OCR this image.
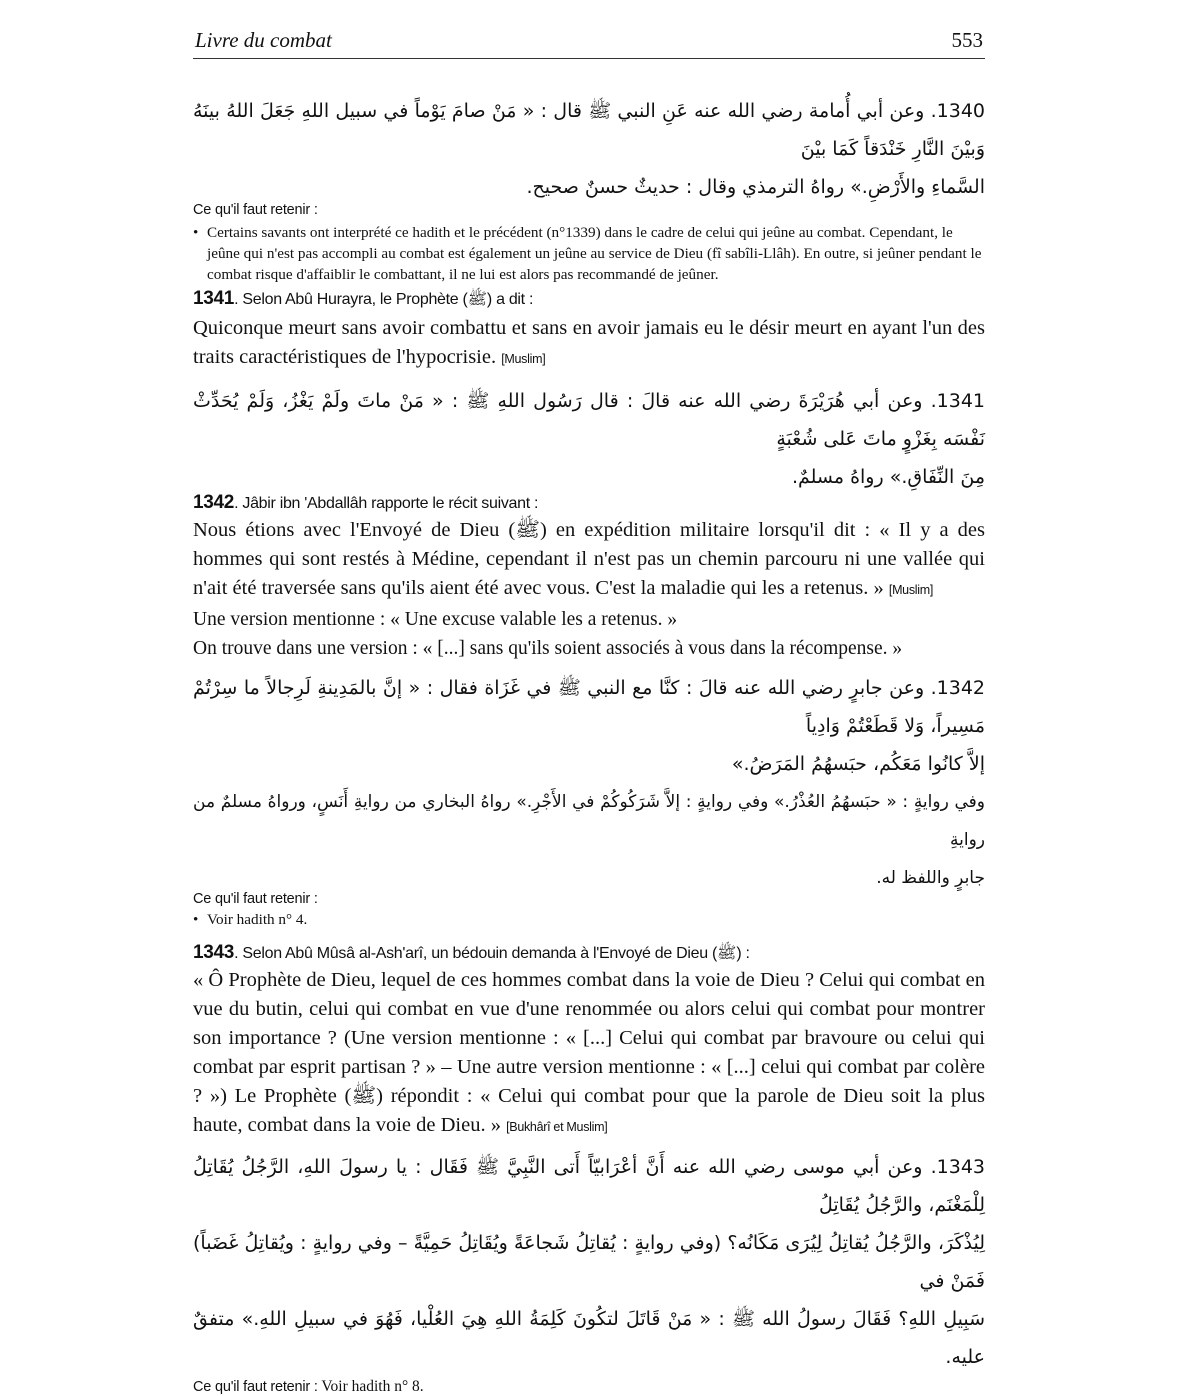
Livre du combat	553
1340. وعن أبي أُمامة رضي الله عنه عَنِ النبي ﷺ قال : « مَنْ صامَ يَوْماً في سبيل اللهِ جَعَلَ اللهُ بينَهُ وَبيْنَ النَّارِ خَنْدَقاً كَمَا بيْنَ
السَّماءِ والأَرْضِ.» رواهُ الترمذي وقال : حديثٌ حسنٌ صحيح.
Ce qu'il faut retenir :
• Certains savants ont interprété ce hadith et le précédent (n°1339) dans le cadre de celui qui jeûne au combat. Cependant, le jeûne qui n'est pas accompli au combat est également un jeûne au service de Dieu (fî sabîli-Llâh). En outre, si jeûner pendant le combat risque d'affaiblir le combattant, il ne lui est alors pas recommandé de jeûner.
1341. Selon Abû Hurayra, le Prophète (ﷺ) a dit :
Quiconque meurt sans avoir combattu et sans en avoir jamais eu le désir meurt en ayant l'un des traits caractéristiques de l'hypocrisie. [Muslim]
1341. وعن أبي هُرَيْرَةَ رضي الله عنه قالَ : قال رَسُول اللهِ ﷺ : « مَنْ ماتَ ولَمْ يَغْزُ، وَلَمْ يُحَدِّثْ نَفْسَه بِغَزْوٍ ماتَ عَلى شُعْبَةٍ
مِنَ النِّفَاقِ.» رواهُ مسلمٌ.
1342. Jâbir ibn 'Abdallâh rapporte le récit suivant :
Nous étions avec l'Envoyé de Dieu (ﷺ) en expédition militaire lorsqu'il dit : « Il y a des hommes qui sont restés à Médine, cependant il n'est pas un chemin parcouru ni une vallée qui n'ait été traversée sans qu'ils aient été avec vous. C'est la maladie qui les a retenus. » [Muslim]
Une version mentionne : « Une excuse valable les a retenus. »
On trouve dans une version : « [...] sans qu'ils soient associés à vous dans la récompense. »
1342. وعن جابرٍ رضي الله عنه قالَ : كنَّا مع النبي ﷺ في غَزَاة فقال : « إنَّ بالمَدِينةِ لَرِجالاً ما سِرْتُمْ مَسِيراً، وَلا قَطَعْتُمْ وَادِياً
إلاَّ كانُوا مَعَكُم، حبَسهُمُ المَرَضُ.»
وفي روايةٍ : « حبَسهُمُ العُذْرُ.» وفي روايةٍ : إلاَّ شَرَكُوكُمْ في الأَجْرِ.» رواهُ البخاري من روايةِ أَنَسٍ، ورواهُ مسلمٌ من روايةِ
جابرٍ واللفظ له.
Ce qu'il faut retenir :
• Voir hadith n° 4.
1343. Selon Abû Mûsâ al-Ash'arî, un bédouin demanda à l'Envoyé de Dieu (ﷺ) :
« Ô Prophète de Dieu, lequel de ces hommes combat dans la voie de Dieu ? Celui qui combat en vue du butin, celui qui combat en vue d'une renommée ou alors celui qui combat pour montrer son importance ? (Une version mentionne : « [...] Celui qui combat par bravoure ou celui qui combat par esprit partisan ? » – Une autre version mentionne : « [...] celui qui combat par colère ? ») Le Prophète (ﷺ) répondit : « Celui qui combat pour que la parole de Dieu soit la plus haute, combat dans la voie de Dieu. » [Bukhârî et Muslim]
1343. وعن أبي موسى رضي الله عنه أَنَّ أعْرَابيّاً أَتى النَّبِيَّ ﷺ فَقَال : يا رسولَ اللهِ، الرَّجُلُ يُقَاتِلُ لِلْمَغْنَم، والرَّجُلُ يُقَاتِلُ
لِيُذْكَرَ، والرَّجُلُ يُقاتِلُ لِيُرَى مَكَانُه؟ (وفي روايةٍ : يُقاتِلُ شَجاعَةً ويُقَاتِلُ حَمِيَّةً – وفي روايةٍ : ويُقاتِلُ غَضَباً) فَمَنْ في
سَبِيلِ اللهِ؟ فَقَالَ رسولُ الله ﷺ : « مَنْ قَاتَلَ لتكُونَ كَلِمَةُ اللهِ هِيَ العُلْيا، فَهُوَ في سبيلِ اللهِ.» متفقٌ عليه.
Ce qu'il faut retenir : Voir hadith n° 8.
